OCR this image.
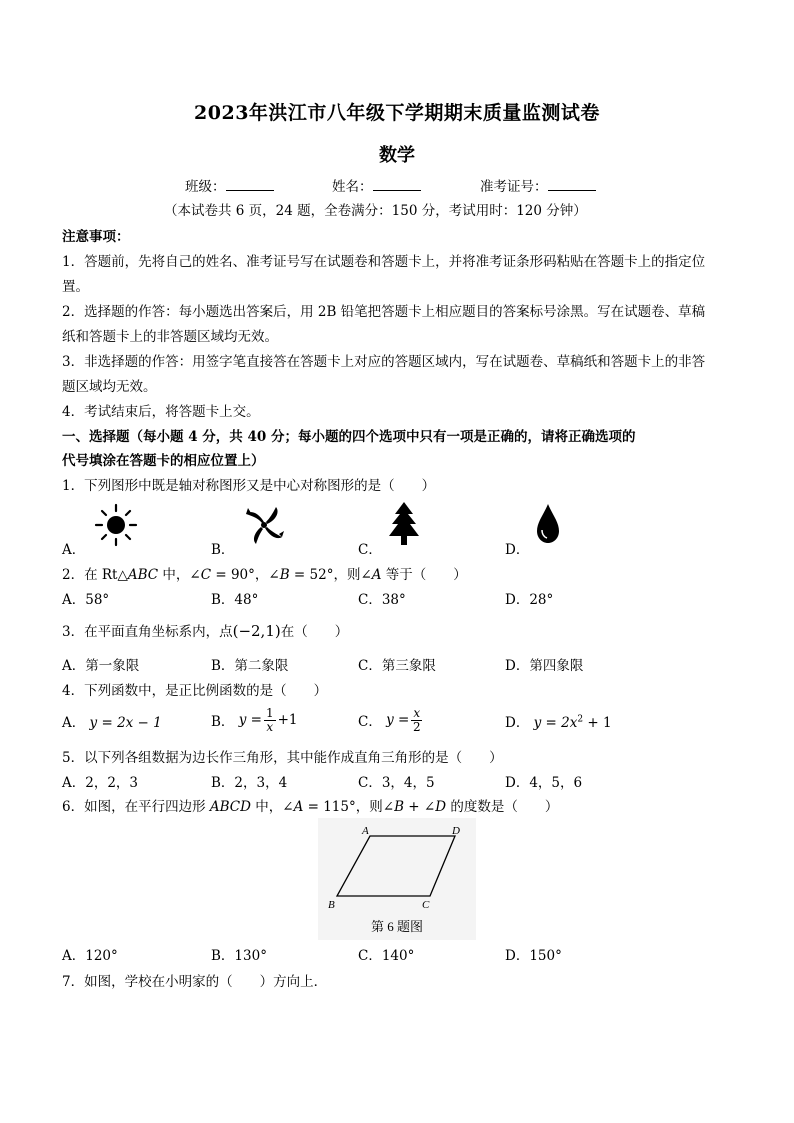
2023年洪江市八年级下学期期末质量监测试卷
数学
班级：	姓名：	准考证号：
（本试卷共 6 页，24 题，全卷满分：150 分，考试用时：120 分钟）
注意事项：
1．答题前，先将自己的姓名、准考证号写在试题卷和答题卡上，并将准考证条形码粘贴在答题卡上的指定位
置。
2．选择题的作答：每小题选出答案后，用 2B 铅笔把答题卡上相应题目的答案标号涂黑。写在试题卷、草稿
纸和答题卡上的非答题区域均无效。
3．非选择题的作答：用签字笔直接答在答题卡上对应的答题区域内，写在试题卷、草稿纸和答题卡上的非答
题区域均无效。
4．考试结束后，将答题卡上交。
一、选择题（每小题 4 分，共 40 分；每小题的四个选项中只有一项是正确的，请将正确选项的
代号填涂在答题卡的相应位置上）
1．下列图形中既是轴对称图形又是中心对称图形的是（　　）
A．	B．	C．	D．
2．在 Rt△ABC 中，∠C = 90°，∠B = 52°，则∠A 等于（　　）
A．58°	B．48°	C．38°	D．28°
3．在平面直角坐标系内，点(−2,1)在（　　）
A．第一象限	B．第二象限	C．第三象限	D．第四象限
4．下列函数中，是正比例函数的是（　　）
A． y = 2x − 1	B．
$y = \frac{1}{x} +1$	C．
$y = \frac{x}{2}$	D． $y = 2x^2 + 1$
5．以下列各组数据为边长作三角形，其中能作成直角三角形的是（　　）
A．2，2，3	B．2，3，4	C．3，4，5	D．4，5，6
6．如图，在平行四边形 ABCD 中，∠A = 115°，则∠B + ∠D 的度数是（　　）
A	D
B	C
第 6 题图
A．120°	B．130°	C．140°	D．150°
7．如图，学校在小明家的（　　）方向上．
